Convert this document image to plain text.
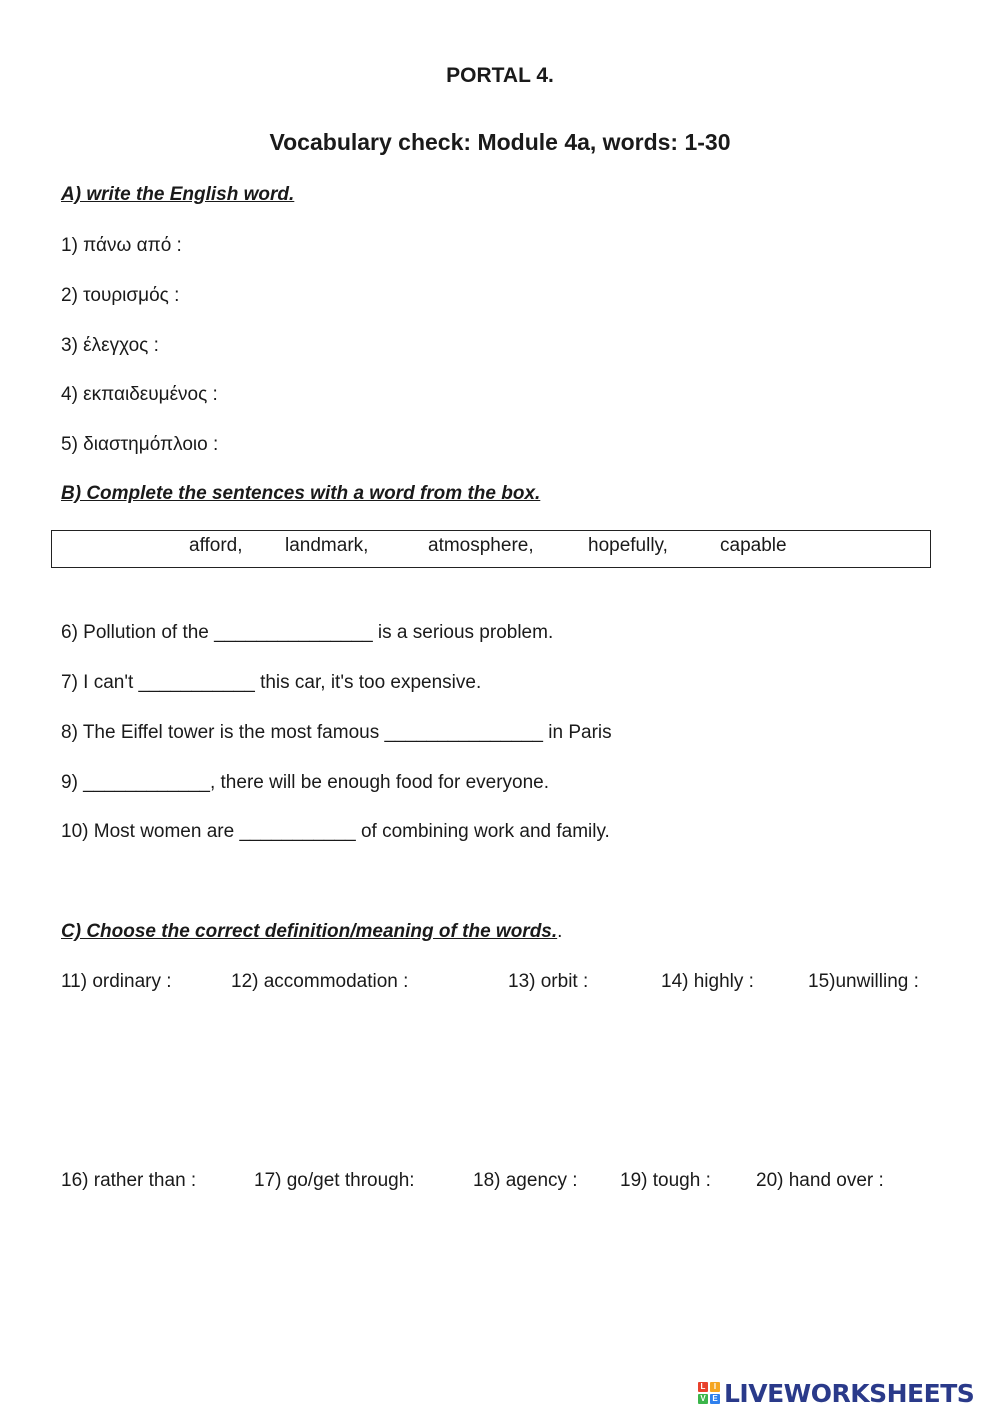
PORTAL 4.
Vocabulary check: Module 4a, words: 1-30
A) write the English word.
1) πάνω από :
2) τουρισμός :
3) έλεγχος :
4) εκπαιδευμένος :
5) διαστημόπλοιο :
B) Complete the sentences with a word from the box.
afford, landmark,	atmosphere,	hopefully,	capable
6) Pollution of the _______________ is a serious problem.
7) I can't ___________ this car, it's too expensive.
8) The Eiffel tower is the most famous _______________ in Paris
9) ____________, there will be enough food for everyone.
10) Most women are ___________ of combining work and family.
C) Choose the correct definition/meaning of the words..
11) ordinary :	12) accommodation :	13) orbit :	14) highly :	15)unwilling :
16) rather than :	17) go/get through:	18) agency : 19) tough : 20) hand over :
L	I
V E LIVEWORKSHEETS
